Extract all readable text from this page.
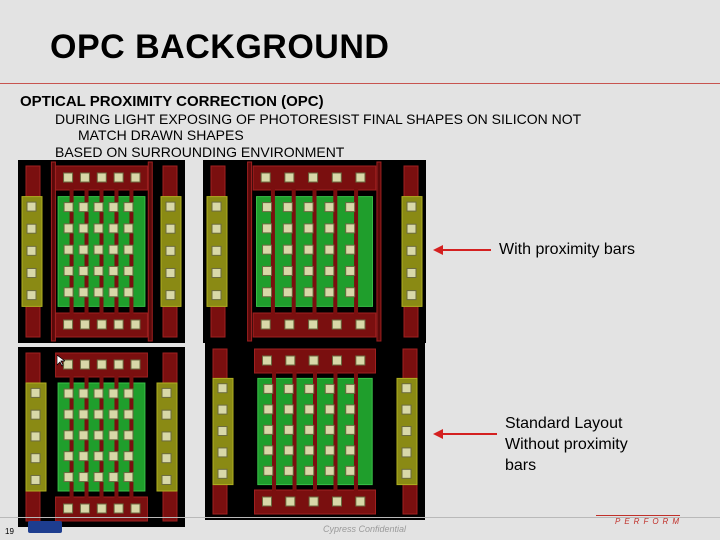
OPC BACKGROUND
OPTICAL PROXIMITY CORRECTION (OPC)
DURING LIGHT EXPOSING OF PHOTORESIST FINAL SHAPES ON SILICON NOT
MATCH DRAWN SHAPES
BASED ON SURROUNDING ENVIRONMENT
With proximity bars
Standard Layout
Without proximity
bars
19	Cypress Confidential
PERFORM
